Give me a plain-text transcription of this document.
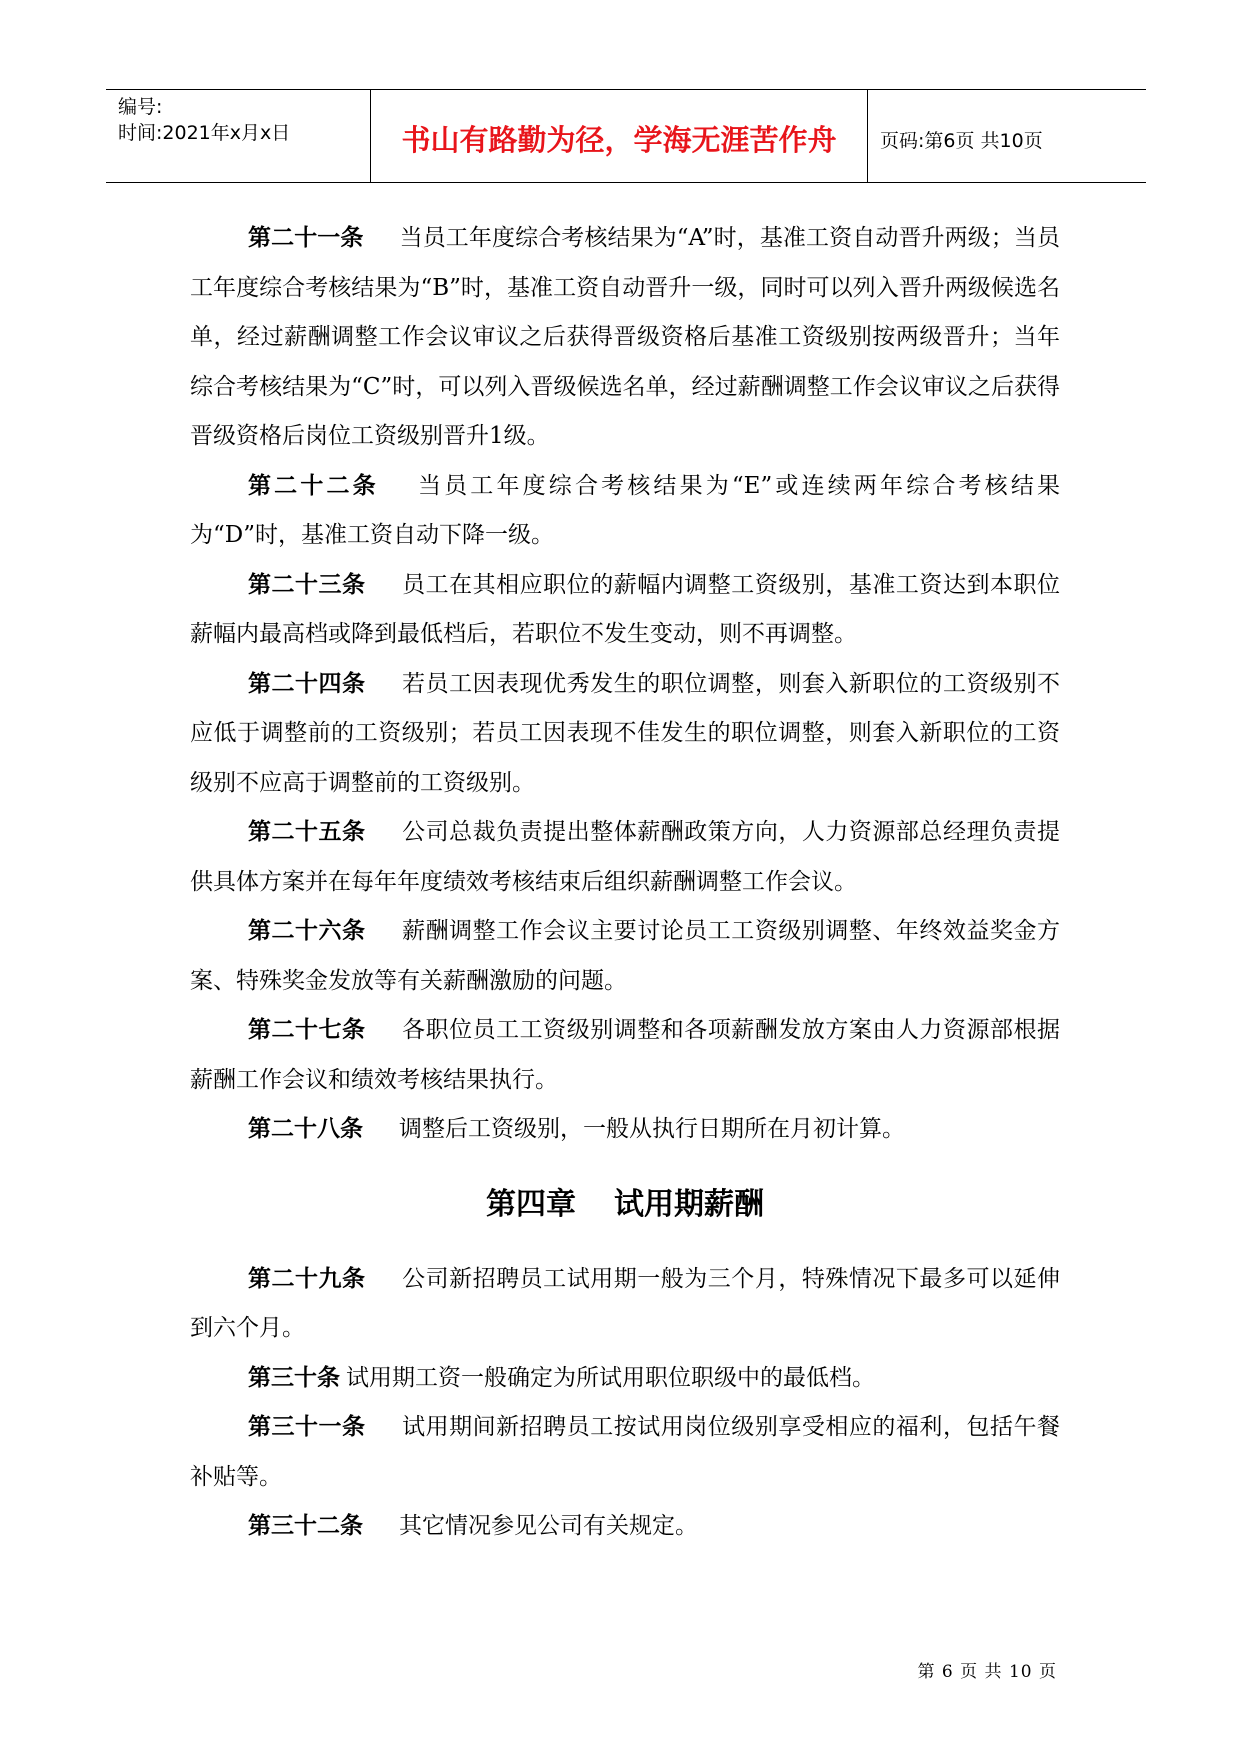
编号:
时间:2021年x月x日	书山有路勤为径，学海无涯苦作舟	页码:第6页 共10页

第二十一条 当员工年度综合考核结果为“A”时，基准工资自动晋升两级；当员工年度综合考核结果为“B”时，基准工资自动晋升一级，同时可以列入晋升两级候选名单，经过薪酬调整工作会议审议之后获得晋级资格后基准工资级别按两级晋升；当年综合考核结果为“C”时，可以列入晋级候选名单，经过薪酬调整工作会议审议之后获得晋级资格后岗位工资级别晋升1级。

第二十二条 当员工年度综合考核结果为“E”或连续两年综合考核结果为“D”时，基准工资自动下降一级。

第二十三条 员工在其相应职位的薪幅内调整工资级别，基准工资达到本职位薪幅内最高档或降到最低档后，若职位不发生变动，则不再调整。

第二十四条 若员工因表现优秀发生的职位调整，则套入新职位的工资级别不应低于调整前的工资级别；若员工因表现不佳发生的职位调整，则套入新职位的工资级别不应高于调整前的工资级别。

第二十五条 公司总裁负责提出整体薪酬政策方向，人力资源部总经理负责提供具体方案并在每年年度绩效考核结束后组织薪酬调整工作会议。

第二十六条 薪酬调整工作会议主要讨论员工工资级别调整、年终效益奖金方案、特殊奖金发放等有关薪酬激励的问题。

第二十七条 各职位员工工资级别调整和各项薪酬发放方案由人力资源部根据薪酬工作会议和绩效考核结果执行。

第二十八条 调整后工资级别，一般从执行日期所在月初计算。

第四章 试用期薪酬

第二十九条 公司新招聘员工试用期一般为三个月，特殊情况下最多可以延伸到六个月。

第三十条 试用期工资一般确定为所试用职位职级中的最低档。

第三十一条 试用期间新招聘员工按试用岗位级别享受相应的福利，包括午餐补贴等。

第三十二条 其它情况参见公司有关规定。

第 6 页 共 10 页
